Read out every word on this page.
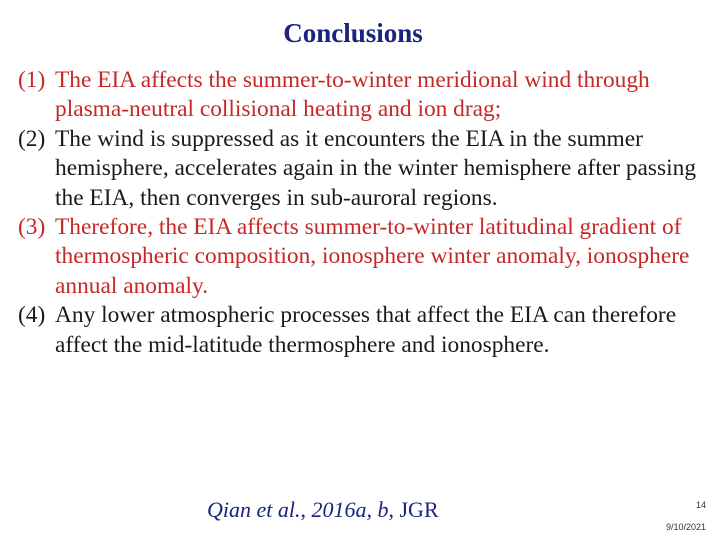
Conclusions
(1) The EIA affects the summer-to-winter meridional wind through plasma-neutral collisional heating and ion drag;
(2) The wind is suppressed as it encounters the EIA in the summer hemisphere, accelerates again in the winter hemisphere after passing the EIA, then converges in sub-auroral regions.
(3) Therefore, the EIA affects summer-to-winter latitudinal gradient of thermospheric composition, ionosphere winter anomaly, ionosphere annual anomaly.
(4) Any lower atmospheric processes that affect the EIA can therefore affect the mid-latitude thermosphere and ionosphere.
Qian et al., 2016a, b, JGR	14
9/10/2021
